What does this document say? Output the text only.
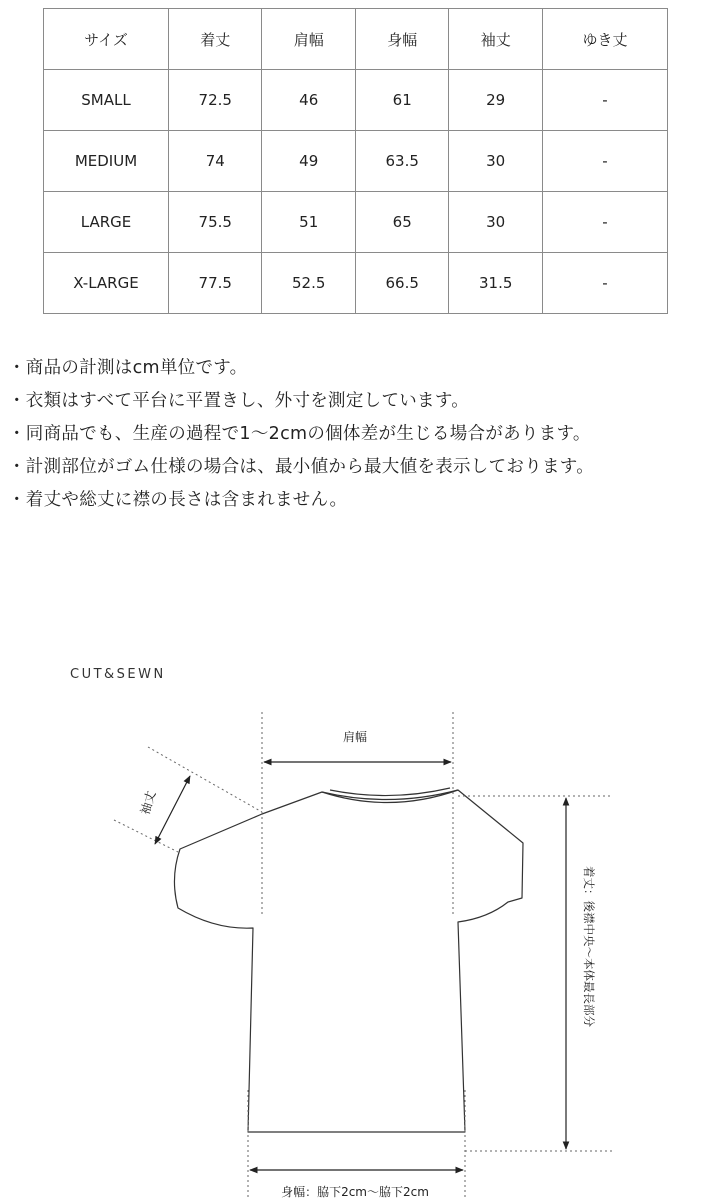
サイズ	着丈	肩幅	身幅	袖丈	ゆき丈
SMALL	72.5	46	61	29	-
MEDIUM	74	49	63.5	30	-
LARGE	75.5	51	65	30	-
X-LARGE	77.5	52.5	66.5	31.5	-

・商品の計測はcm単位です。

・衣類はすべて平台に平置きし、外寸を測定しています。

・同商品でも、生産の過程で1〜2cmの個体差が生じる場合があります。

・計測部位がゴム仕様の場合は、最小値から最大値を表示しております。

・着丈や総丈に襟の長さは含まれません。

CUT&SEWN
肩幅
袖丈
着丈：後襟中央〜本体最長部分
身幅：脇下2cm〜脇下2cm
